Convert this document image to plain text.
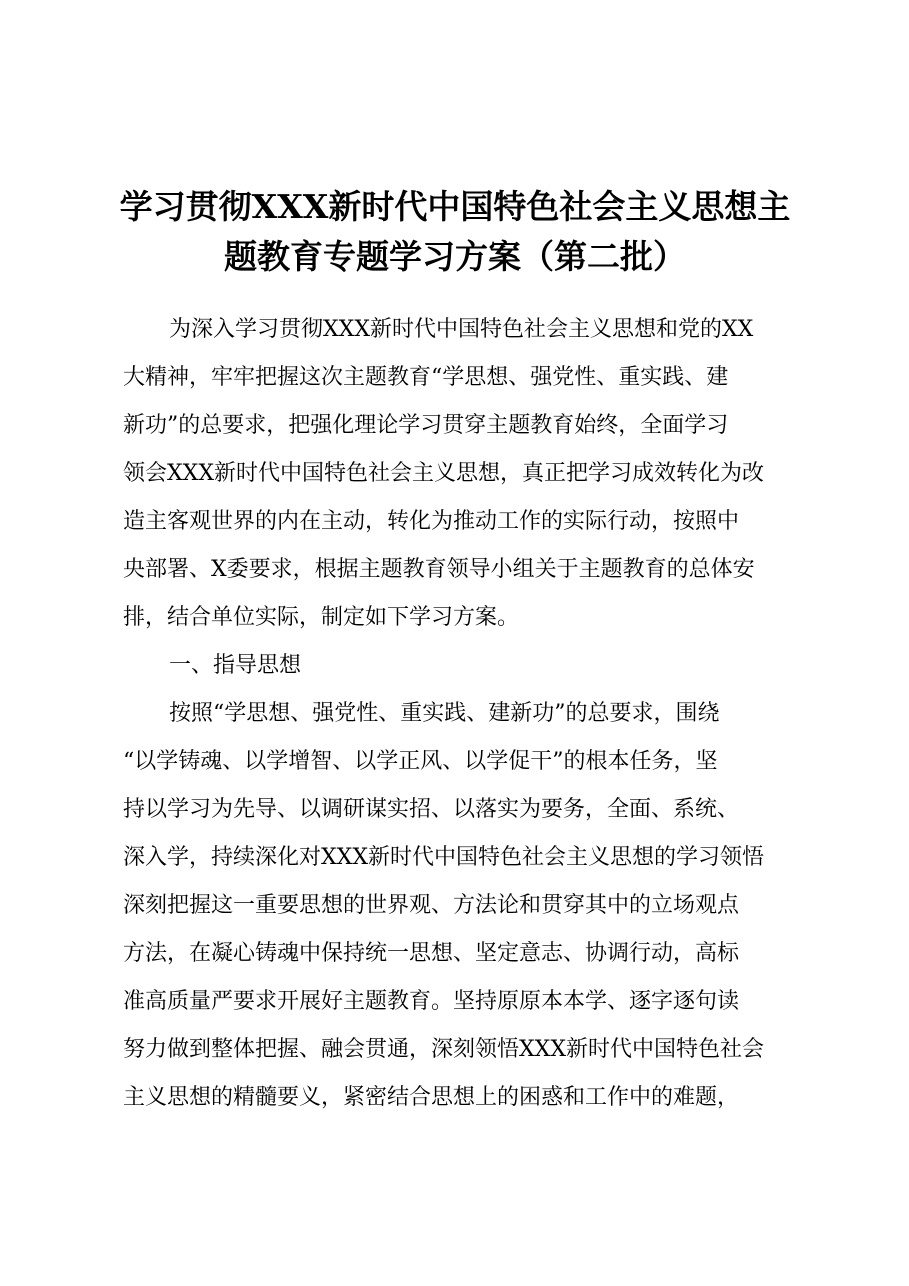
学习贯彻XXX新时代中国特色社会主义思想主
题教育专题学习方案（第二批）
为深入学习贯彻XXX新时代中国特色社会主义思想和党的XX
大精神，牢牢把握这次主题教育“学思想、强党性、重实践、建
新功”的总要求，把强化理论学习贯穿主题教育始终，全面学习
领会XXX新时代中国特色社会主义思想，真正把学习成效转化为改
造主客观世界的内在主动，转化为推动工作的实际行动，按照中
央部署、X委要求，根据主题教育领导小组关于主题教育的总体安
排，结合单位实际，制定如下学习方案。
一、指导思想
按照“学思想、强党性、重实践、建新功”的总要求，围绕
“以学铸魂、以学增智、以学正风、以学促干”的根本任务，坚
持以学习为先导、以调研谋实招、以落实为要务，全面、系统、
深入学，持续深化对XXX新时代中国特色社会主义思想的学习领悟
深刻把握这一重要思想的世界观、方法论和贯穿其中的立场观点
方法，在凝心铸魂中保持统一思想、坚定意志、协调行动，高标
准高质量严要求开展好主题教育。坚持原原本本学、逐字逐句读
努力做到整体把握、融会贯通，深刻领悟XXX新时代中国特色社会
主义思想的精髓要义，紧密结合思想上的困惑和工作中的难题，
